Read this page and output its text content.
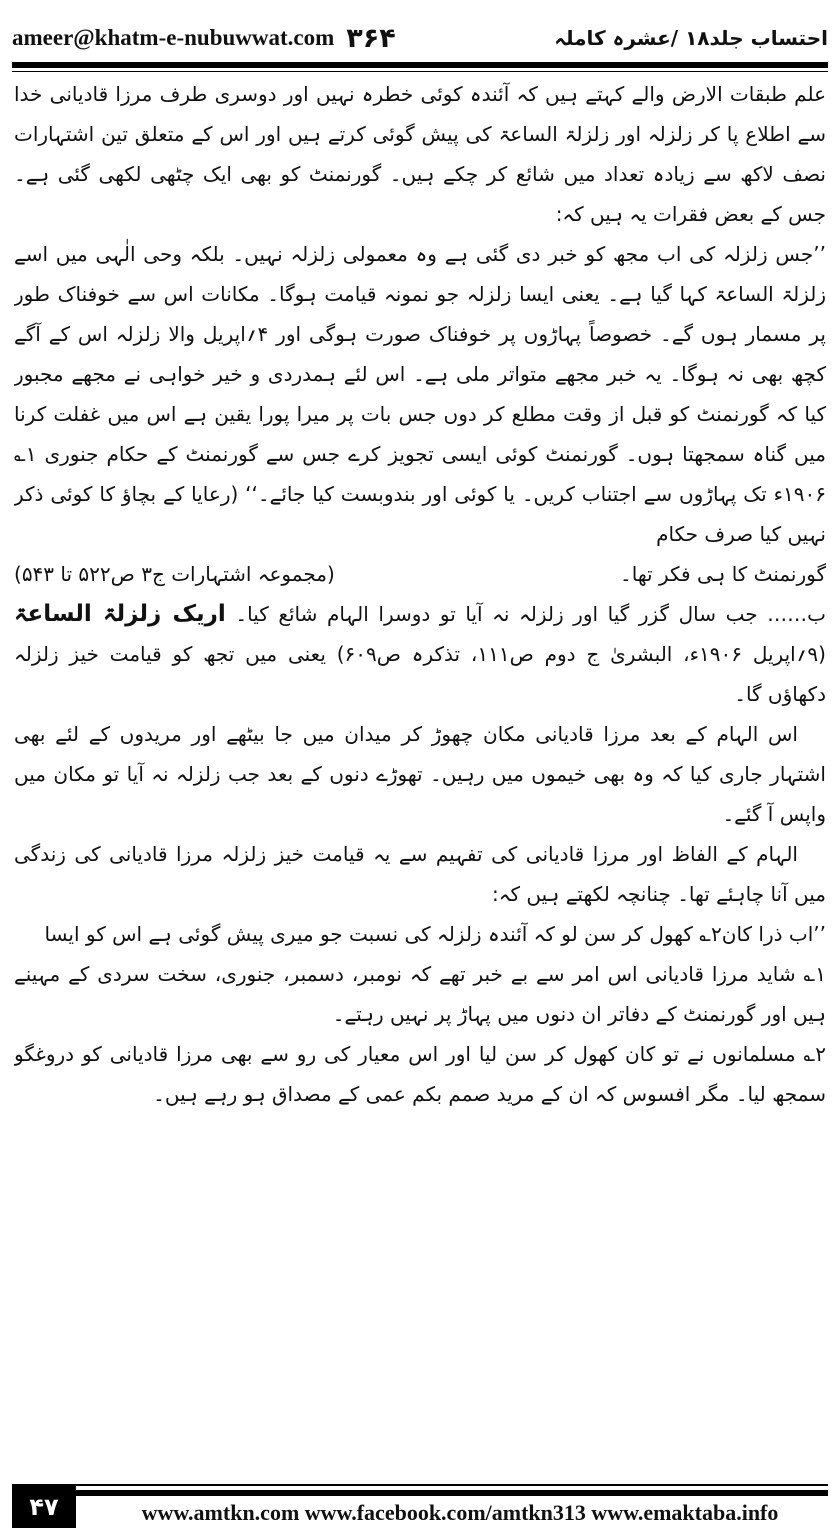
ameer@khatm-e-nubuwwat.com ۳۶۴	احتساب جلد۱۸ /عشرہ کاملہ

علم طبقات الارض والے کہتے ہیں کہ آئندہ کوئی خطرہ نہیں اور دوسری طرف مرزا قادیانی خدا سے اطلاع پا کر زلزلہ اور زلزلۃ الساعۃ کی پیش گوئی کرتے ہیں اور اس کے متعلق تین اشتہارات نصف لاکھ سے زیادہ تعداد میں شائع کر چکے ہیں۔ گورنمنٹ کو بھی ایک چٹھی لکھی گئی ہے۔ جس کے بعض فقرات یہ ہیں کہ:

’’جس زلزلہ کی اب مجھ کو خبر دی گئی ہے وہ معمولی زلزلہ نہیں۔ بلکہ وحی الٰہی میں اسے زلزلۃ الساعۃ کہا گیا ہے۔ یعنی ایسا زلزلہ جو نمونہ قیامت ہوگا۔ مکانات اس سے خوفناک طور پر مسمار ہوں گے۔ خصوصاً پہاڑوں پر خوفناک صورت ہوگی اور ۴؍اپریل والا زلزلہ اس کے آگے کچھ بھی نہ ہوگا۔ یہ خبر مجھے متواتر ملی ہے۔ اس لئے ہمدردی و خیر خواہی نے مجھے مجبور کیا کہ گورنمنٹ کو قبل از وقت مطلع کر دوں جس بات پر میرا پورا یقین ہے اس میں غفلت کرنا میں گناہ سمجھتا ہوں۔ گورنمنٹ کوئی ایسی تجویز کرے جس سے گورنمنٹ کے حکام جنوری ۱؎ ۱۹۰۶ء تک پہاڑوں سے اجتناب کریں۔ یا کوئی اور بندوبست کیا جائے۔‘‘ (رعایا کے بچاؤ کا کوئی ذکر نہیں کیا صرف حکام

گورنمنٹ کا ہی فکر تھا۔
(مجموعہ اشتہارات ج۳ ص۵۲۲ تا ۵۴۳)

ب…… جب سال گزر گیا اور زلزلہ نہ آیا تو دوسرا الہام شائع کیا۔ اریک زلزلۃ الساعۃ (۹؍اپریل ۱۹۰۶ء، البشریٰ ج دوم ص۱۱۱، تذکرہ ص۶۰۹) یعنی میں تجھ کو قیامت خیز زلزلہ دکھاؤں گا۔

اس الہام کے بعد مرزا قادیانی مکان چھوڑ کر میدان میں جا بیٹھے اور مریدوں کے لئے بھی اشتہار جاری کیا کہ وہ بھی خیموں میں رہیں۔ تھوڑے دنوں کے بعد جب زلزلہ نہ آیا تو مکان میں واپس آ گئے۔

الہام کے الفاظ اور مرزا قادیانی کی تفہیم سے یہ قیامت خیز زلزلہ مرزا قادیانی کی زندگی میں آنا چاہئے تھا۔ چنانچہ لکھتے ہیں کہ:

’’اب ذرا کان۲؎ کھول کر سن لو کہ آئندہ زلزلہ کی نسبت جو میری پیش گوئی ہے اس کو ایسا

۱؎ شاید مرزا قادیانی اس امر سے بے خبر تھے کہ نومبر، دسمبر، جنوری، سخت سردی کے مہینے ہیں اور گورنمنٹ کے دفاتر ان دنوں میں پہاڑ پر نہیں رہتے۔

۲؎ مسلمانوں نے تو کان کھول کر سن لیا اور اس معیار کی رو سے بھی مرزا قادیانی کو دروغگو سمجھ لیا۔ مگر افسوس کہ ان کے مرید صمم بکم عمی کے مصداق ہو رہے ہیں۔

۴۷	www.amtkn.com www.facebook.com/amtkn313 www.emaktaba.info
